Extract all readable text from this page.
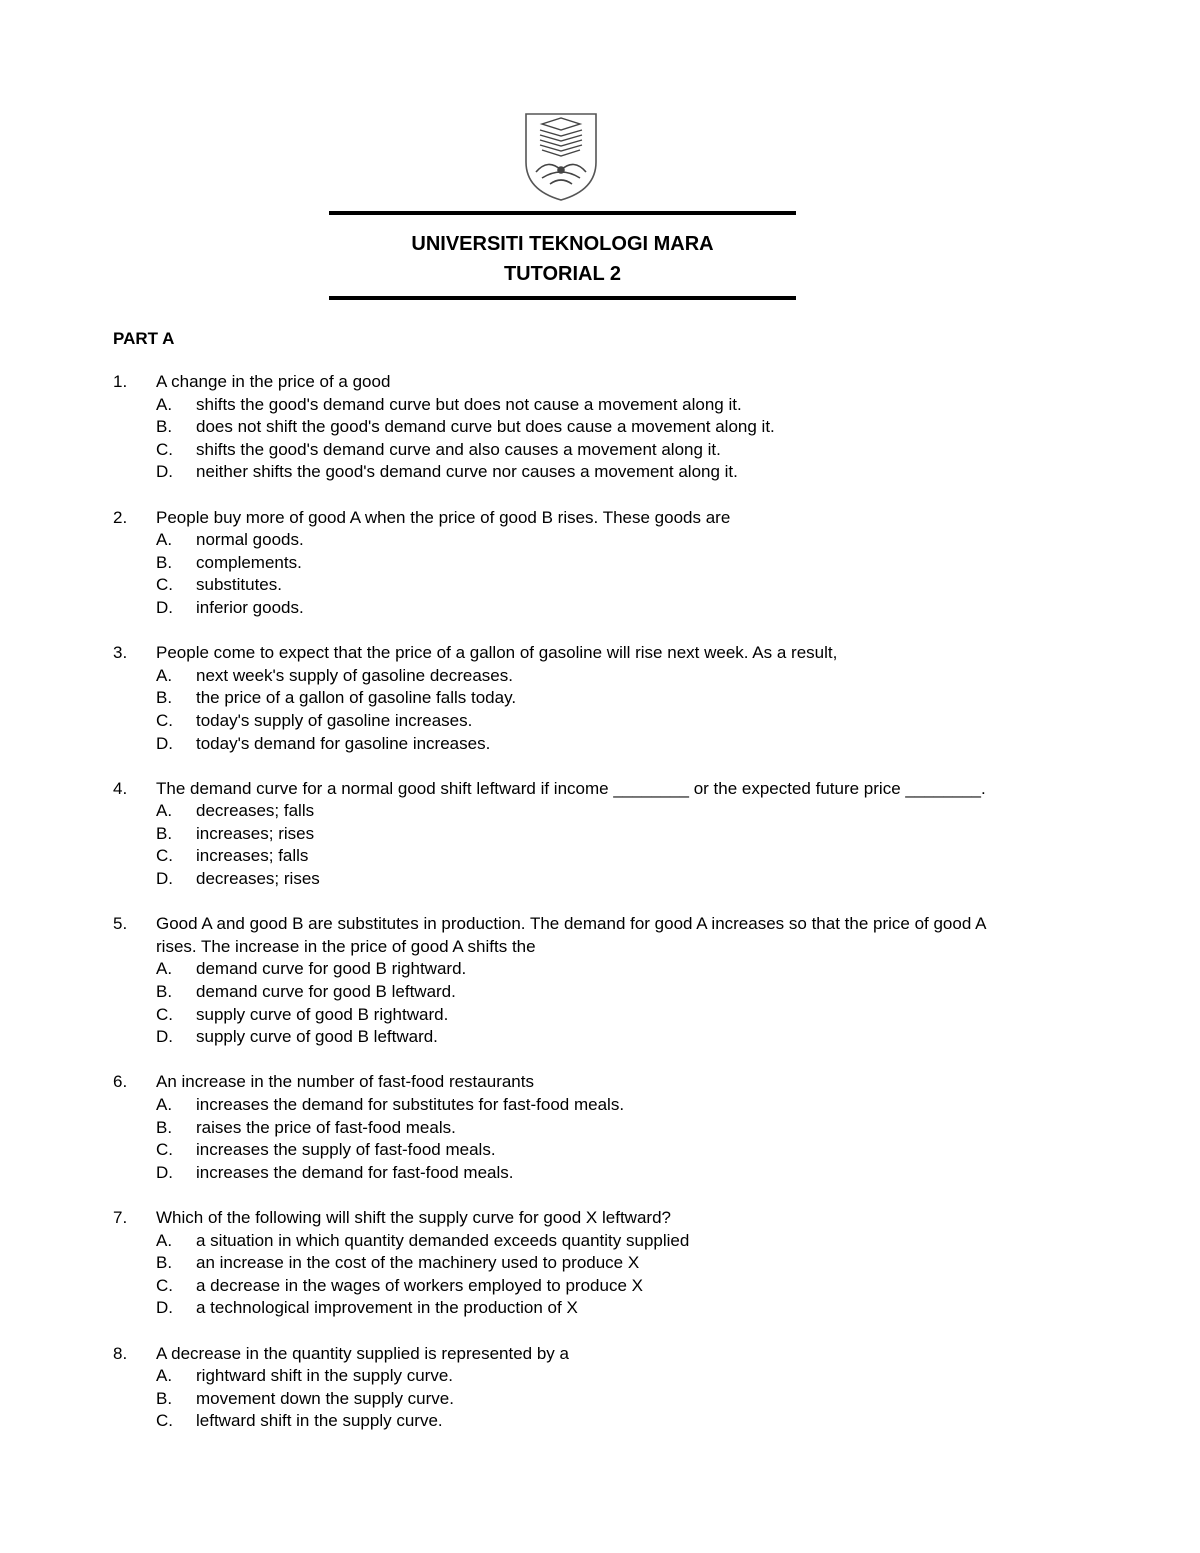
UNIVERSITI TEKNOLOGI MARA
TUTORIAL 2
PART A
1. A change in the price of a good
A. shifts the good's demand curve but does not cause a movement along it.
B. does not shift the good's demand curve but does cause a movement along it.
C. shifts the good's demand curve and also causes a movement along it.
D. neither shifts the good's demand curve nor causes a movement along it.
2. People buy more of good A when the price of good B rises. These goods are
A. normal goods.
B. complements.
C. substitutes.
D. inferior goods.
3. People come to expect that the price of a gallon of gasoline will rise next week. As a result,
A. next week's supply of gasoline decreases.
B. the price of a gallon of gasoline falls today.
C. today's supply of gasoline increases.
D. today's demand for gasoline increases.
4. The demand curve for a normal good shift leftward if income ________ or the expected future price ________.
A. decreases; falls
B. increases; rises
C. increases; falls
D. decreases; rises
5. Good A and good B are substitutes in production. The demand for good A increases so that the price of good A rises. The increase in the price of good A shifts the
A. demand curve for good B rightward.
B. demand curve for good B leftward.
C. supply curve of good B rightward.
D. supply curve of good B leftward.
6. An increase in the number of fast-food restaurants
A. increases the demand for substitutes for fast-food meals.
B. raises the price of fast-food meals.
C. increases the supply of fast-food meals.
D. increases the demand for fast-food meals.
7. Which of the following will shift the supply curve for good X leftward?
A. a situation in which quantity demanded exceeds quantity supplied
B. an increase in the cost of the machinery used to produce X
C. a decrease in the wages of workers employed to produce X
D. a technological improvement in the production of X
8. A decrease in the quantity supplied is represented by a
A. rightward shift in the supply curve.
B. movement down the supply curve.
C. leftward shift in the supply curve.
